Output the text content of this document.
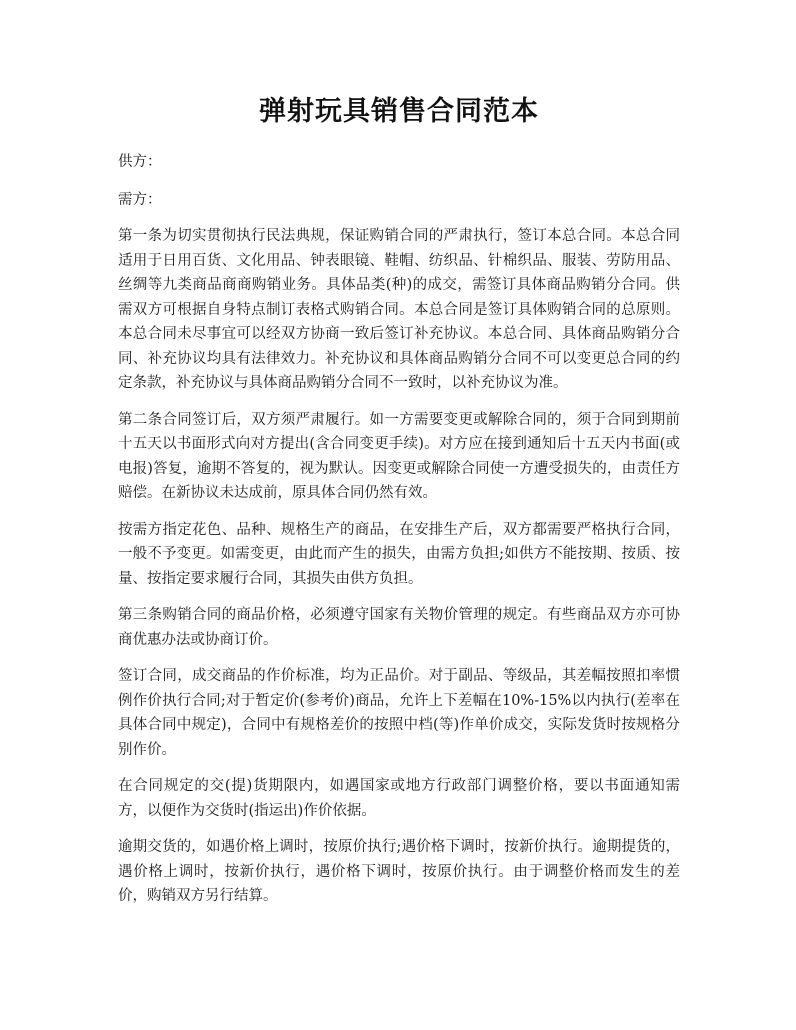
弹射玩具销售合同范本

供方：

需方：

第一条为切实贯彻执行民法典规，保证购销合同的严肃执行，签订本总合同。本总合同适用于日用百货、文化用品、钟表眼镜、鞋帽、纺织品、针棉织品、服装、劳防用品、丝绸等九类商品商商购销业务。具体品类(种)的成交，需签订具体商品购销分合同。供需双方可根据自身特点制订表格式购销合同。本总合同是签订具体购销合同的总原则。本总合同未尽事宜可以经双方协商一致后签订补充协议。本总合同、具体商品购销分合同、补充协议均具有法律效力。补充协议和具体商品购销分合同不可以变更总合同的约定条款，补充协议与具体商品购销分合同不一致时，以补充协议为准。

第二条合同签订后，双方须严肃履行。如一方需要变更或解除合同的，须于合同到期前十五天以书面形式向对方提出(含合同变更手续)。对方应在接到通知后十五天内书面(或电报)答复，逾期不答复的，视为默认。因变更或解除合同使一方遭受损失的，由责任方赔偿。在新协议未达成前，原具体合同仍然有效。

按需方指定花色、品种、规格生产的商品，在安排生产后，双方都需要严格执行合同，一般不予变更。如需变更，由此而产生的损失，由需方负担;如供方不能按期、按质、按量、按指定要求履行合同，其损失由供方负担。

第三条购销合同的商品价格，必须遵守国家有关物价管理的规定。有些商品双方亦可协商优惠办法或协商订价。

签订合同，成交商品的作价标准，均为正品价。对于副品、等级品，其差幅按照扣率惯例作价执行合同;对于暂定价(参考价)商品，允许上下差幅在10%-15%以内执行(差率在具体合同中规定)，合同中有规格差价的按照中档(等)作单价成交，实际发货时按规格分别作价。

在合同规定的交(提)货期限内，如遇国家或地方行政部门调整价格，要以书面通知需方，以便作为交货时(指运出)作价依据。

逾期交货的，如遇价格上调时，按原价执行;遇价格下调时，按新价执行。逾期提货的，遇价格上调时，按新价执行，遇价格下调时，按原价执行。由于调整价格而发生的差价，购销双方另行结算。
